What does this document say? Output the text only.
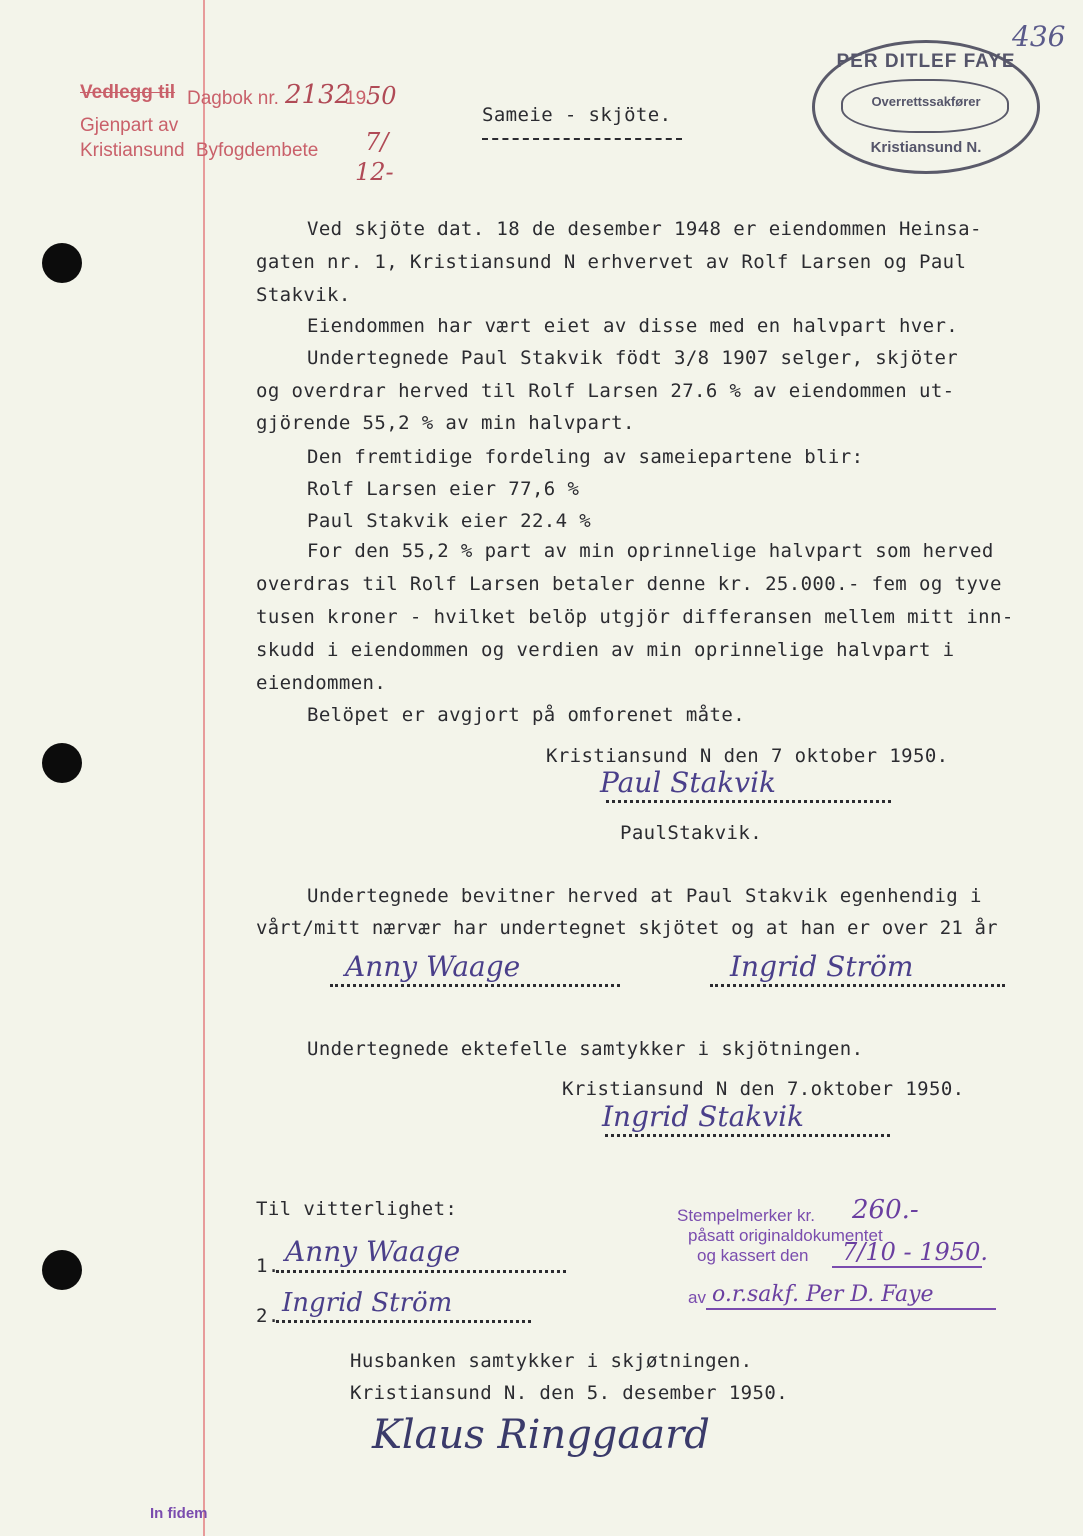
436
PER DITLEF FAYE
Overrettssakfører
Kristiansund N.
Vedlegg til Dagbok nr. 2132
19 50
Gjenpart av
Kristiansund Byfogdembete 7/
12-
Sameie - skjöte.
Ved skjöte dat. 18 de desember 1948 er eiendommen Heinsa-
gaten nr. 1, Kristiansund N erhvervet av Rolf Larsen og Paul
Stakvik.
Eiendommen har vært eiet av disse med en halvpart hver.
Undertegnede Paul Stakvik födt 3/8 1907 selger, skjöter
og overdrar herved til Rolf Larsen 27.6 % av eiendommen ut-
gjörende 55,2 % av min halvpart.
Den fremtidige fordeling av sameiepartene blir:
Rolf Larsen eier 77,6 %
Paul Stakvik eier 22.4 %
For den 55,2 % part av min oprinnelige halvpart som herved
overdras til Rolf Larsen betaler denne kr. 25.000.- fem og tyve
tusen kroner - hvilket belöp utgjör differansen mellem mitt inn-
skudd i eiendommen og verdien av min oprinnelige halvpart i
eiendommen.
Belöpet er avgjort på omforenet måte.
Kristiansund N den 7 oktober 1950.
Paul Stakvik
PaulStakvik.
Undertegnede bevitner herved at Paul Stakvik egenhendig i
vårt/mitt nærvær har undertegnet skjötet og at han er over 21 år
Anny Waage	Ingrid Ström
Undertegnede ektefelle samtykker i skjötningen.
Kristiansund N den 7.oktober 1950.
Ingrid Stakvik
Til vitterlighet:
1. Anny Waage
2. Ingrid Ström
Stempelmerker kr. 260.-
påsatt originaldokumentet
og kassert den 7/10 - 1950.
av o.r.sakf. Per D. Faye
Husbanken samtykker i skjøtningen.
Kristiansund N. den 5. desember 1950.
Klaus Ringgaard
In fidem
